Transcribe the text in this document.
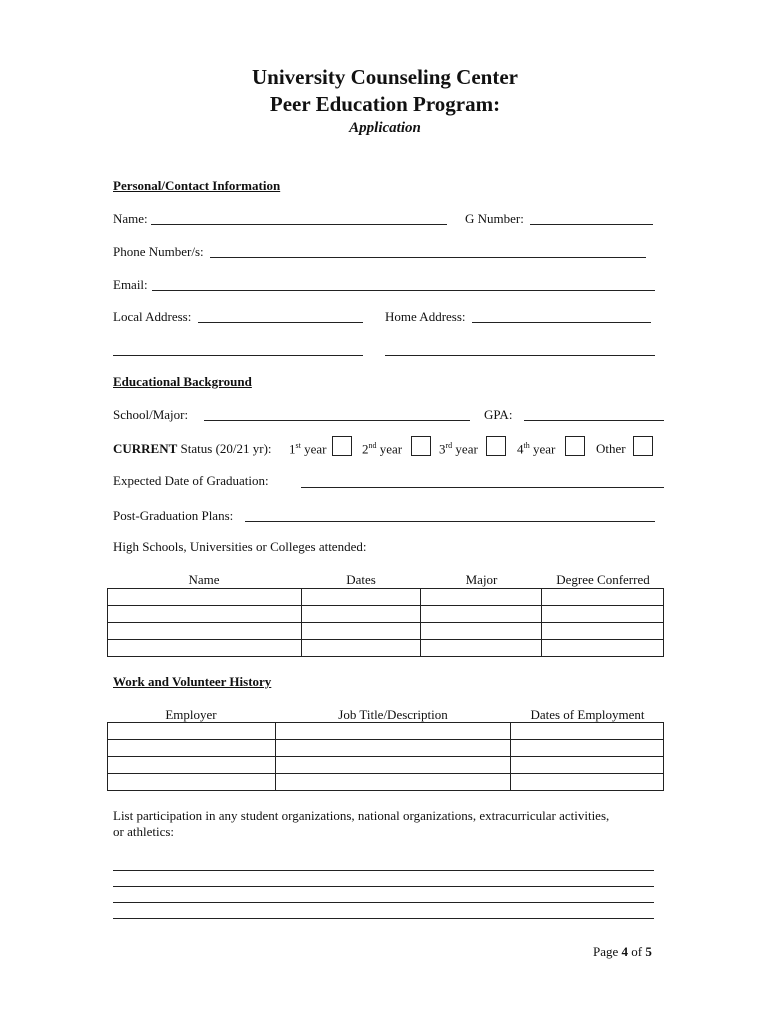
University Counseling Center
Peer Education Program:
Application
Personal/Contact Information
Name:	G Number:
Phone Number/s:
Email:
Local Address:	Home Address:
Educational Background
School/Major:	GPA:
CURRENT Status (20/21 yr): 1st year	2nd year	3rd year	4th year	Other
Expected Date of Graduation:
Post-Graduation Plans:
High Schools, Universities or Colleges attended:
Name	Dates	Major	Degree Conferred

Work and Volunteer History
Employer	Job Title/Description	Dates of Employment

List participation in any student organizations, national organizations, extracurricular activities,
or athletics:
Page 4 of 5
